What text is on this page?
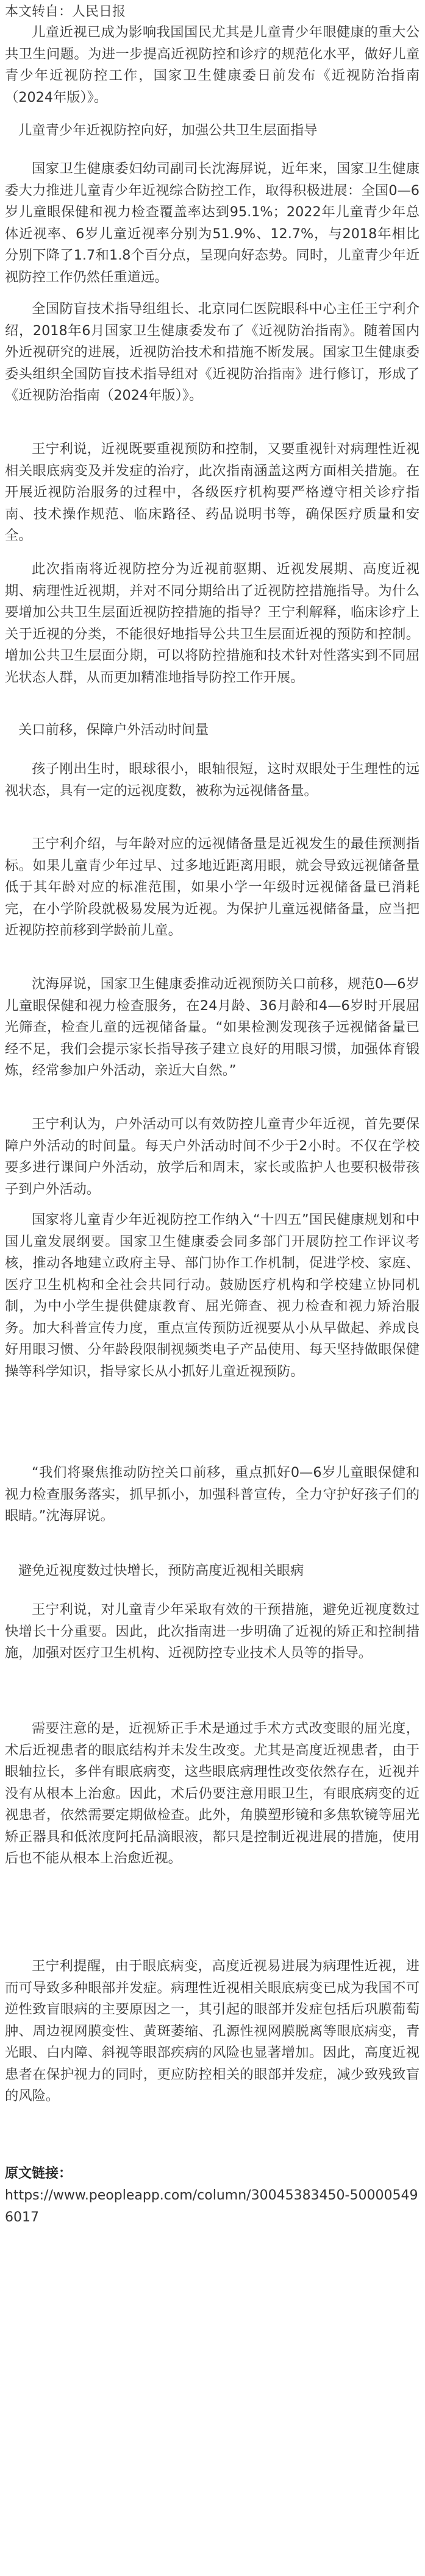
本文转自：人民日报

儿童近视已成为影响我国国民尤其是儿童青少年眼健康的重大公共卫生问题。为进一步提高近视防控和诊疗的规范化水平，做好儿童青少年近视防控工作，国家卫生健康委日前发布《近视防治指南（2024年版）》。

儿童青少年近视防控向好，加强公共卫生层面指导

国家卫生健康委妇幼司副司长沈海屏说，近年来，国家卫生健康委大力推进儿童青少年近视综合防控工作，取得积极进展：全国0—6岁儿童眼保健和视力检查覆盖率达到95.1%；2022年儿童青少年总体近视率、6岁儿童近视率分别为51.9%、12.7%，与2018年相比分别下降了1.7和1.8个百分点，呈现向好态势。同时，儿童青少年近视防控工作仍然任重道远。

全国防盲技术指导组组长、北京同仁医院眼科中心主任王宁利介绍，2018年6月国家卫生健康委发布了《近视防治指南》。随着国内外近视研究的进展，近视防治技术和措施不断发展。国家卫生健康委委头组织全国防盲技术指导组对《近视防治指南》进行修订，形成了《近视防治指南（2024年版）》。

王宁利说，近视既要重视预防和控制，又要重视针对病理性近视相关眼底病变及并发症的治疗，此次指南涵盖这两方面相关措施。在开展近视防治服务的过程中，各级医疗机构要严格遵守相关诊疗指南、技术操作规范、临床路径、药品说明书等，确保医疗质量和安全。

此次指南将近视防控分为近视前驱期、近视发展期、高度近视期、病理性近视期，并对不同分期给出了近视防控措施指导。为什么要增加公共卫生层面近视防控措施的指导？王宁利解释，临床诊疗上关于近视的分类，不能很好地指导公共卫生层面近视的预防和控制。增加公共卫生层面分期，可以将防控措施和技术针对性落实到不同屈光状态人群，从而更加精准地指导防控工作开展。

关口前移，保障户外活动时间量

孩子刚出生时，眼球很小，眼轴很短，这时双眼处于生理性的远视状态，具有一定的远视度数，被称为远视储备量。

王宁利介绍，与年龄对应的远视储备量是近视发生的最佳预测指标。如果儿童青少年过早、过多地近距离用眼，就会导致远视储备量低于其年龄对应的标准范围，如果小学一年级时远视储备量已消耗完，在小学阶段就极易发展为近视。为保护儿童远视储备量，应当把近视防控前移到学龄前儿童。

沈海屏说，国家卫生健康委推动近视预防关口前移，规范0—6岁儿童眼保健和视力检查服务，在24月龄、36月龄和4—6岁时开展屈光筛查，检查儿童的远视储备量。“如果检测发现孩子远视储备量已经不足，我们会提示家长指导孩子建立良好的用眼习惯，加强体育锻炼，经常参加户外活动，亲近大自然。”

王宁利认为，户外活动可以有效防控儿童青少年近视，首先要保障户外活动的时间量。每天户外活动时间不少于2小时。不仅在学校要多进行课间户外活动，放学后和周末，家长或监护人也要积极带孩子到户外活动。

国家将儿童青少年近视防控工作纳入“十四五”国民健康规划和中国儿童发展纲要。国家卫生健康委会同多部门开展防控工作评议考核，推动各地建立政府主导、部门协作工作机制，促进学校、家庭、医疗卫生机构和全社会共同行动。鼓励医疗机构和学校建立协同机制，为中小学生提供健康教育、屈光筛查、视力检查和视力矫治服务。加大科普宣传力度，重点宣传预防近视要从小从早做起、养成良好用眼习惯、分年龄段限制视频类电子产品使用、每天坚持做眼保健操等科学知识，指导家长从小抓好儿童近视预防。

“我们将聚焦推动防控关口前移，重点抓好0—6岁儿童眼保健和视力检查服务落实，抓早抓小，加强科普宣传，全力守护好孩子们的眼睛。”沈海屏说。

避免近视度数过快增长，预防高度近视相关眼病

王宁利说，对儿童青少年采取有效的干预措施，避免近视度数过快增长十分重要。因此，此次指南进一步明确了近视的矫正和控制措施，加强对医疗卫生机构、近视防控专业技术人员等的指导。

需要注意的是，近视矫正手术是通过手术方式改变眼的屈光度，术后近视患者的眼底结构并未发生改变。尤其是高度近视患者，由于眼轴拉长，多伴有眼底病变，这些眼底病理性改变依然存在，近视并没有从根本上治愈。因此，术后仍要注意用眼卫生，有眼底病变的近视患者，依然需要定期做检查。此外，角膜塑形镜和多焦软镜等屈光矫正器具和低浓度阿托品滴眼液，都只是控制近视进展的措施，使用后也不能从根本上治愈近视。

王宁利提醒，由于眼底病变，高度近视易进展为病理性近视，进而可导致多种眼部并发症。病理性近视相关眼底病变已成为我国不可逆性致盲眼病的主要原因之一，其引起的眼部并发症包括后巩膜葡萄肿、周边视网膜变性、黄斑萎缩、孔源性视网膜脱离等眼底病变，青光眼、白内障、斜视等眼部疾病的风险也显著增加。因此，高度近视患者在保护视力的同时，更应防控相关的眼部并发症，减少致残致盲的风险。

原文链接：
https://www.peopleapp.com/column/30045383450-500005496017
